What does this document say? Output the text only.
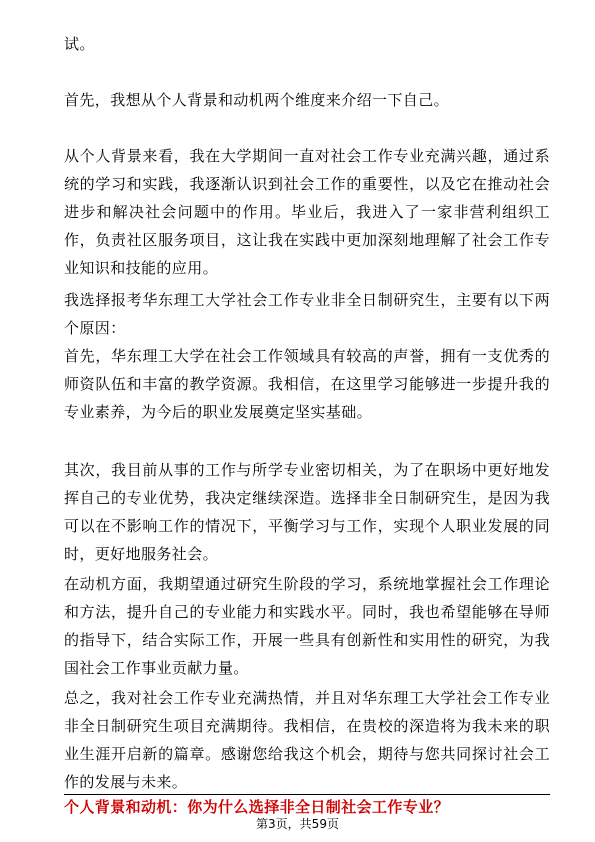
试。

首先，我想从个人背景和动机两个维度来介绍一下自己。

从个人背景来看，我在大学期间一直对社会工作专业充满兴趣，通过系统的学习和实践，我逐渐认识到社会工作的重要性，以及它在推动社会进步和解决社会问题中的作用。毕业后，我进入了一家非营利组织工作，负责社区服务项目，这让我在实践中更加深刻地理解了社会工作专业知识和技能的应用。

我选择报考华东理工大学社会工作专业非全日制研究生，主要有以下两个原因：

首先，华东理工大学在社会工作领域具有较高的声誉，拥有一支优秀的师资队伍和丰富的教学资源。我相信，在这里学习能够进一步提升我的专业素养，为今后的职业发展奠定坚实基础。

其次，我目前从事的工作与所学专业密切相关，为了在职场中更好地发挥自己的专业优势，我决定继续深造。选择非全日制研究生，是因为我可以在不影响工作的情况下，平衡学习与工作，实现个人职业发展的同时，更好地服务社会。

在动机方面，我期望通过研究生阶段的学习，系统地掌握社会工作理论和方法，提升自己的专业能力和实践水平。同时，我也希望能够在导师的指导下，结合实际工作，开展一些具有创新性和实用性的研究，为我国社会工作事业贡献力量。

总之，我对社会工作专业充满热情，并且对华东理工大学社会工作专业非全日制研究生项目充满期待。我相信，在贵校的深造将为我未来的职业生涯开启新的篇章。感谢您给我这个机会，期待与您共同探讨社会工作的发展与未来。

个人背景和动机：你为什么选择非全日制社会工作专业？
第3页，共59页
